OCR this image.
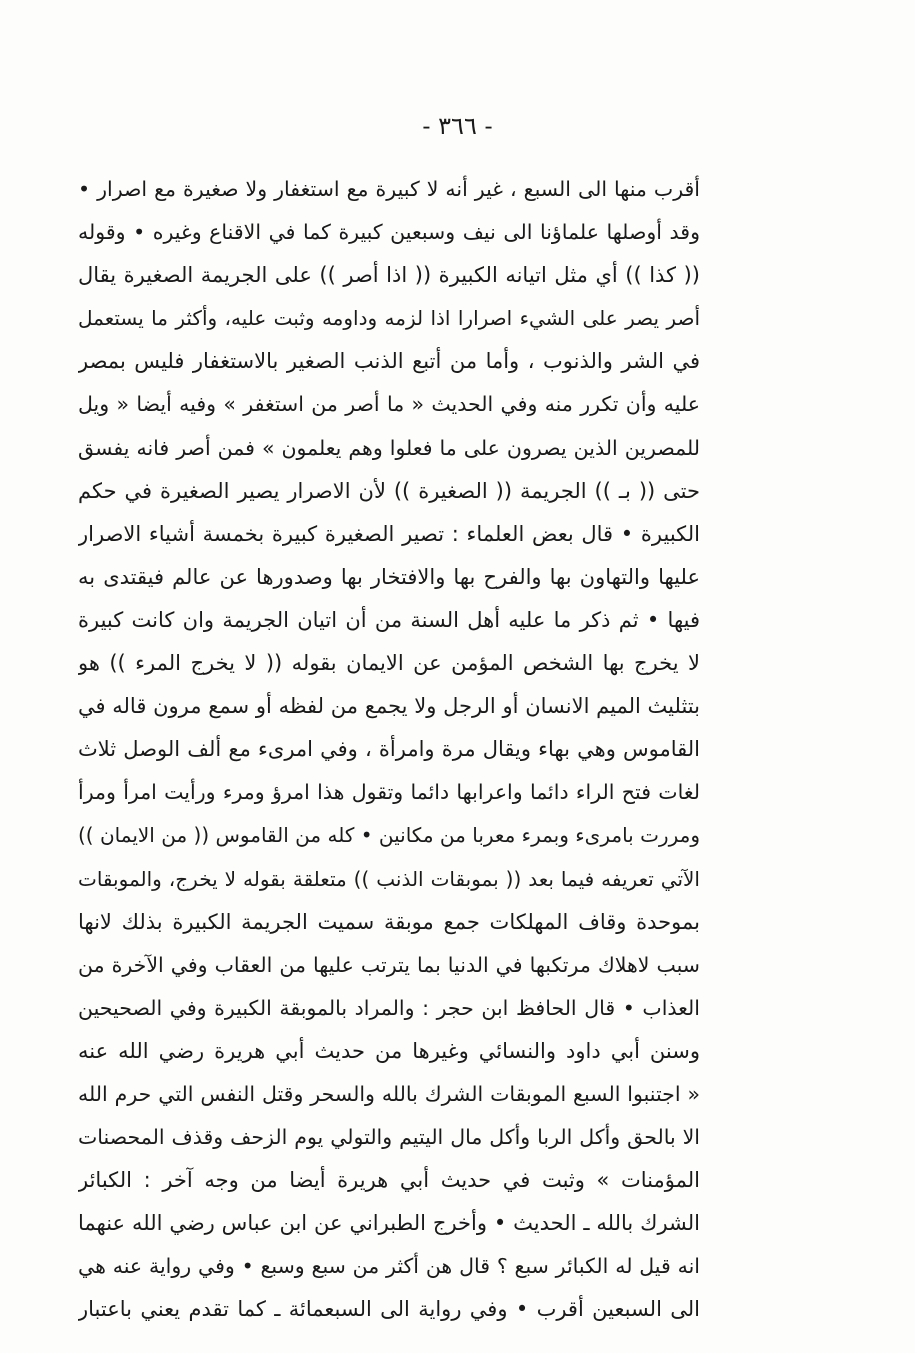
- ٣٦٦ -
أقرب منها الى السبع ، غير أنه لا كبيرة مع استغفار ولا صغيرة مع اصرار •
وقد أوصلها علماؤنا الى نيف وسبعين كبيرة كما في الاقناع وغيره • وقوله
(( كذا )) أي مثل اتيانه الكبيرة (( اذا أصر )) على الجريمة الصغيرة يقال
أصر يصر على الشيء اصرارا اذا لزمه وداومه وثبت عليه، وأكثر ما يستعمل
في الشر والذنوب ، وأما من أتبع الذنب الصغير بالاستغفار فليس بمصر
عليه وأن تكرر منه وفي الحديث « ما أصر من استغفر » وفيه أيضا « ويل
للمصرين الذين يصرون على ما فعلوا وهم يعلمون » فمن أصر فانه يفسق
حتى (( بـ )) الجريمة (( الصغيرة )) لأن الاصرار يصير الصغيرة في حكم
الكبيرة • قال بعض العلماء : تصير الصغيرة كبيرة بخمسة أشياء الاصرار
عليها والتهاون بها والفرح بها والافتخار بها وصدورها عن عالم فيقتدى به
فيها • ثم ذكر ما عليه أهل السنة من أن اتيان الجريمة وان كانت كبيرة
لا يخرج بها الشخص المؤمن عن الايمان بقوله (( لا يخرج المرء )) هو
بتثليث الميم الانسان أو الرجل ولا يجمع من لفظه أو سمع مرون قاله في
القاموس وهي بهاء ويقال مرة وامرأة ، وفي امرىء مع ألف الوصل ثلاث
لغات فتح الراء دائما واعرابها دائما وتقول هذا امرؤ ومرء ورأيت امرأ ومرأ
ومررت بامرىء وبمرء معربا من مكانين • كله من القاموس (( من الايمان ))
الآتي تعريفه فيما بعد (( بموبقات الذنب )) متعلقة بقوله لا يخرج، والموبقات
بموحدة وقاف المهلكات جمع موبقة سميت الجريمة الكبيرة بذلك لانها
سبب لاهلاك مرتكبها في الدنيا بما يترتب عليها من العقاب وفي الآخرة من
العذاب • قال الحافظ ابن حجر : والمراد بالموبقة الكبيرة وفي الصحيحين
وسنن أبي داود والنسائي وغيرها من حديث أبي هريرة رضي الله عنه
« اجتنبوا السبع الموبقات الشرك بالله والسحر وقتل النفس التي حرم الله
الا بالحق وأكل الربا وأكل مال اليتيم والتولي يوم الزحف وقذف المحصنات
المؤمنات » وثبت في حديث أبي هريرة أيضا من وجه آخر : الكبائر
الشرك بالله ـ الحديث • وأخرج الطبراني عن ابن عباس رضي الله عنهما
انه قيل له الكبائر سبع ؟ قال هن أكثر من سبع وسبع • وفي رواية عنه هي
الى السبعين أقرب • وفي رواية الى السبعمائة ـ كما تقدم يعني باعتبار
